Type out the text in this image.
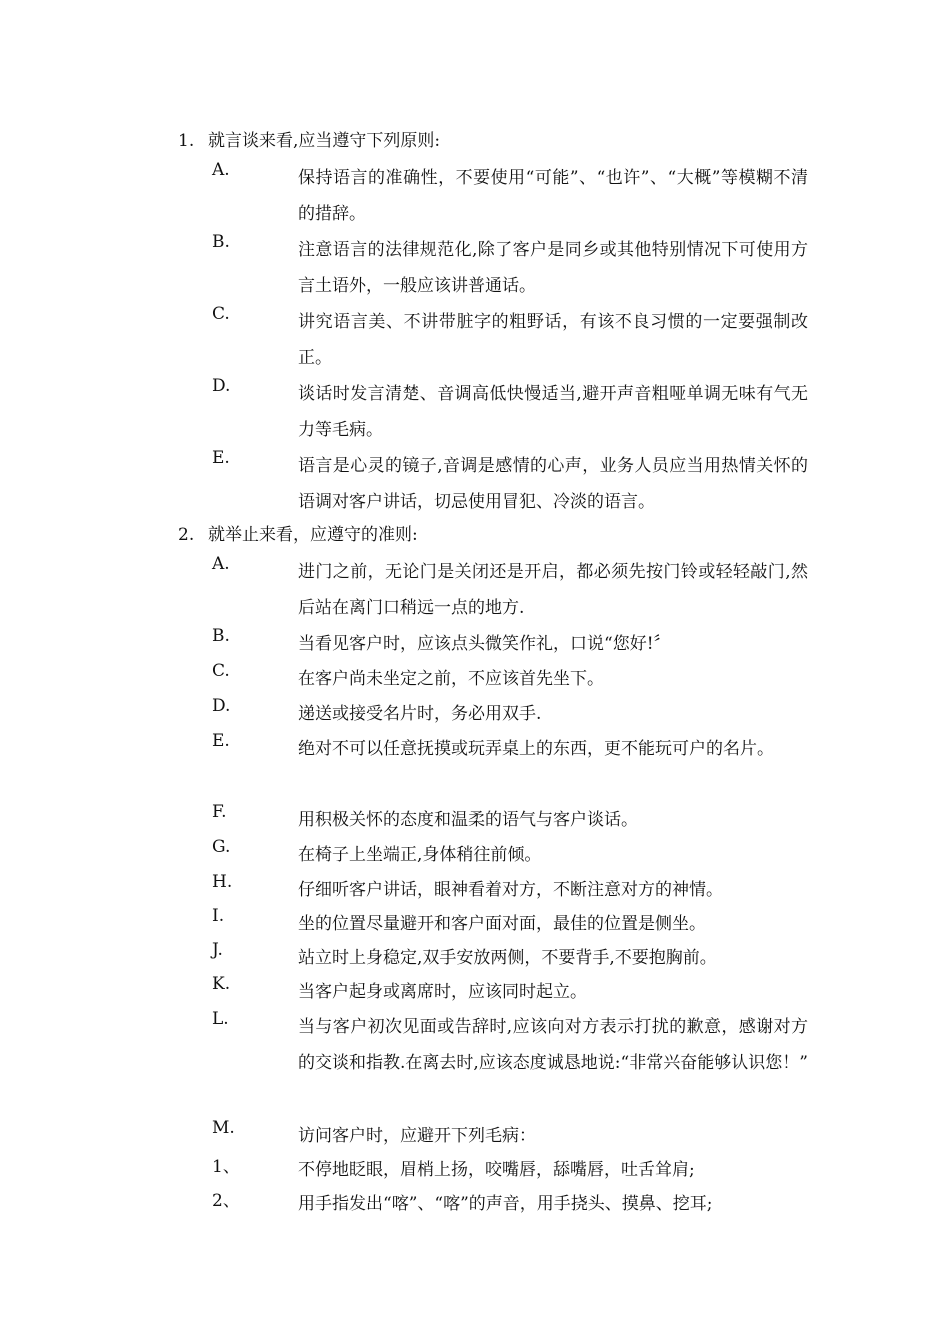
1. 就言谈来看,应当遵守下列原则:
A.	保持语言的准确性，不要使用“可能”、“也许”、“大概”等模糊不清的措辞。
B.	注意语言的法律规范化,除了客户是同乡或其他特别情况下可使用方言土语外，一般应该讲普通话。
C.	讲究语言美、不讲带脏字的粗野话，有该不良习惯的一定要强制改正。
D.	谈话时发言清楚、音调高低快慢适当,避开声音粗哑单调无味有气无力等毛病。
E.	语言是心灵的镜子,音调是感情的心声，业务人员应当用热情关怀的语调对客户讲话，切忌使用冒犯、冷淡的语言。
2. 就举止来看，应遵守的准则:
A.	进门之前，无论门是关闭还是开启，都必须先按门铃或轻轻敲门,然后站在离门口稍远一点的地方.
B.	当看见客户时，应该点头微笑作礼，口说“您好!〞
C.	在客户尚未坐定之前，不应该首先坐下。
D.	递送或接受名片时，务必用双手.
E.	绝对不可以任意抚摸或玩弄桌上的东西，更不能玩可户的名片。
F.	用积极关怀的态度和温柔的语气与客户谈话。
G.	在椅子上坐端正,身体稍往前倾。
H.	仔细听客户讲话，眼神看着对方，不断注意对方的神情。
I.	坐的位置尽量避开和客户面对面，最佳的位置是侧坐。
J.	站立时上身稳定,双手安放两侧，不要背手,不要抱胸前。
K.	当客户起身或离席时，应该同时起立。
L.	当与客户初次见面或告辞时,应该向对方表示打扰的歉意，感谢对方的交谈和指教.在离去时,应该态度诚恳地说:“非常兴奋能够认识您！”
M.	访问客户时，应避开下列毛病：
1、	不停地眨眼，眉梢上扬，咬嘴唇，舔嘴唇，吐舌耸肩;
2、	用手指发出“喀”、“喀”的声音，用手挠头、摸鼻、挖耳;
